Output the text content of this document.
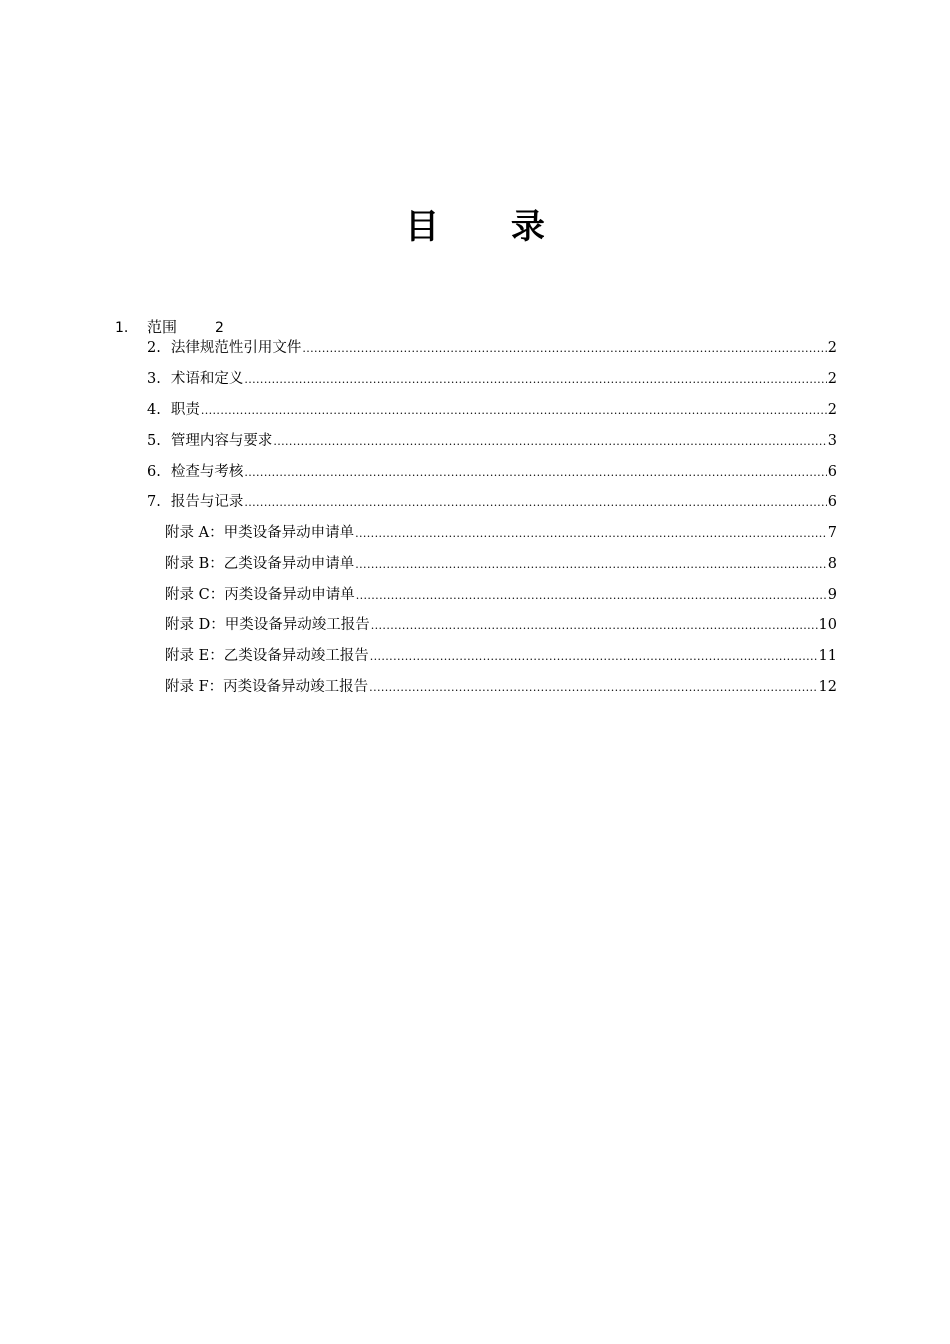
目 录
1. 范围	2
2. 法律规范性引用文件 .....	2
3. 术语和定义 .....	2
4. 职责 .....	2
5. 管理内容与要求 .....	3
6. 检查与考核 .....	6
7. 报告与记录 .....	6
附录 A：甲类设备异动申请单 .....	7
附录 B：乙类设备异动申请单 .....	8
附录 C：丙类设备异动申请单 .....	9
附录 D：甲类设备异动竣工报告 .....	10
附录 E：乙类设备异动竣工报告 .....	11
附录 F：丙类设备异动竣工报告 .....	12
